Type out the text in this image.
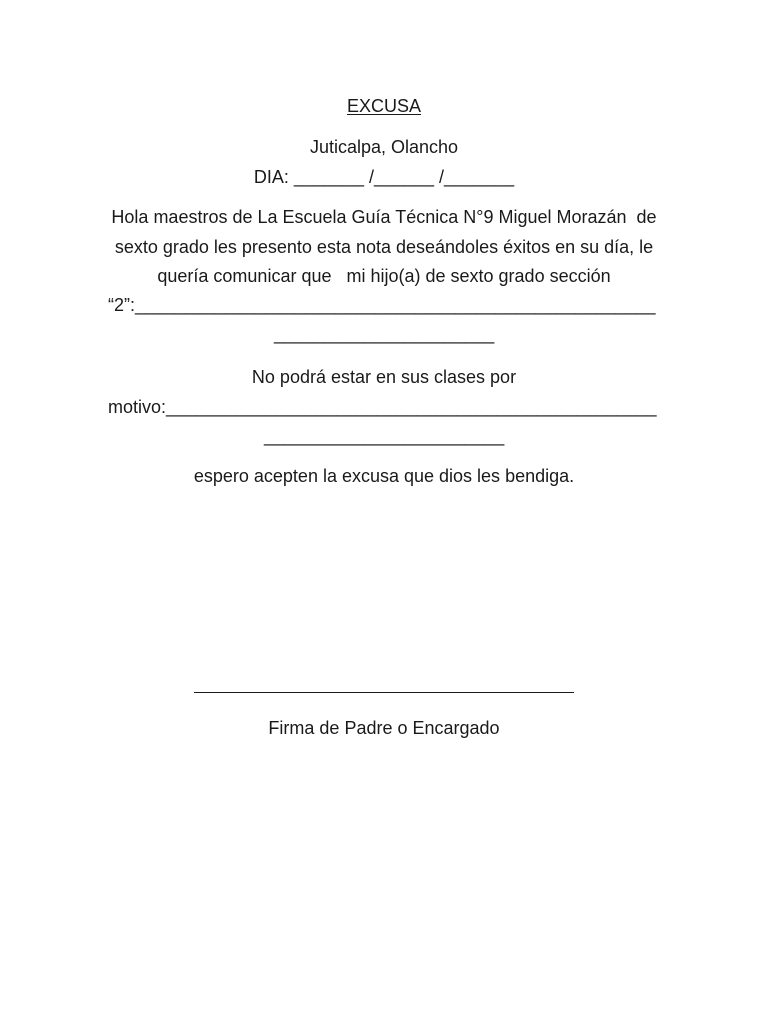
EXCUSA
Juticalpa, Olancho
DIA: _______ /______ /_______
Hola maestros de La Escuela Guía Técnica N°9 Miguel Morazán  de
sexto grado les presento esta nota deseándoles éxitos en su día, le
quería comunicar que   mi hijo(a) de sexto grado sección
“2”:____________________________________________________
______________________
No podrá estar en sus clases por
motivo:_________________________________________________
________________________
espero acepten la excusa que dios les bendiga.
Firma de Padre o Encargado
